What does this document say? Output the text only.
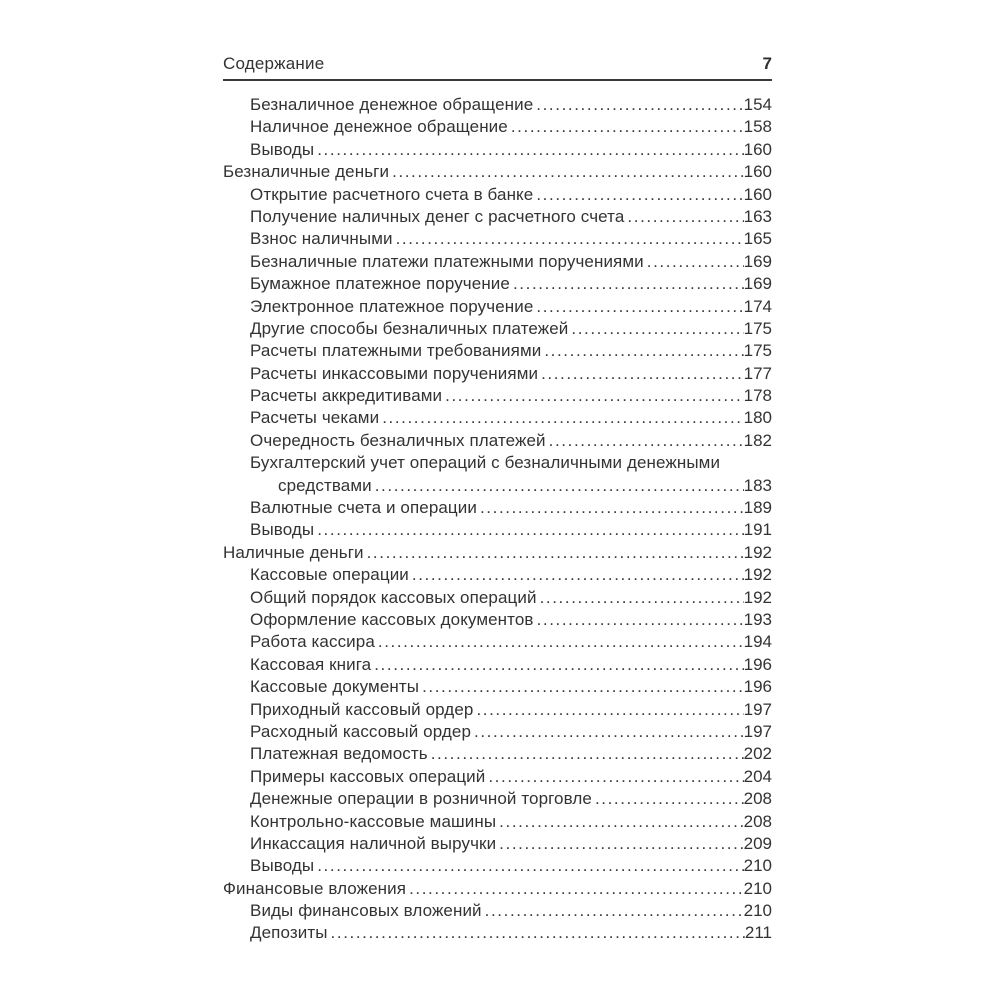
Содержание	7
Безналичное денежное обращение .....	154
Наличное денежное обращение .....	158
Выводы .....	160
Безналичные деньги .....	160
Открытие расчетного счета в банке .....	160
Получение наличных денег с расчетного счета .....	163
Взнос наличными .....	165
Безналичные платежи платежными поручениями .....	169
Бумажное платежное поручение .....	169
Электронное платежное поручение .....	174
Другие способы безналичных платежей .....	175
Расчеты платежными требованиями .....	175
Расчеты инкассовыми поручениями .....	177
Расчеты аккредитивами .....	178
Расчеты чеками .....	180
Очередность безналичных платежей .....	182
Бухгалтерский учет операций с безналичными денежными
средствами .....	183
Валютные счета и операции .....	189
Выводы .....	191
Наличные деньги .....	192
Кассовые операции .....	192
Общий порядок кассовых операций .....	192
Оформление кассовых документов .....	193
Работа кассира .....	194
Кассовая книга .....	196
Кассовые документы .....	196
Приходный кассовый ордер .....	197
Расходный кассовый ордер .....	197
Платежная ведомость .....	202
Примеры кассовых операций .....	204
Денежные операции в розничной торговле .....	208
Контрольно-кассовые машины .....	208
Инкассация наличной выручки .....	209
Выводы .....	210
Финансовые вложения .....	210
Виды финансовых вложений .....	210
Депозиты .....	211
